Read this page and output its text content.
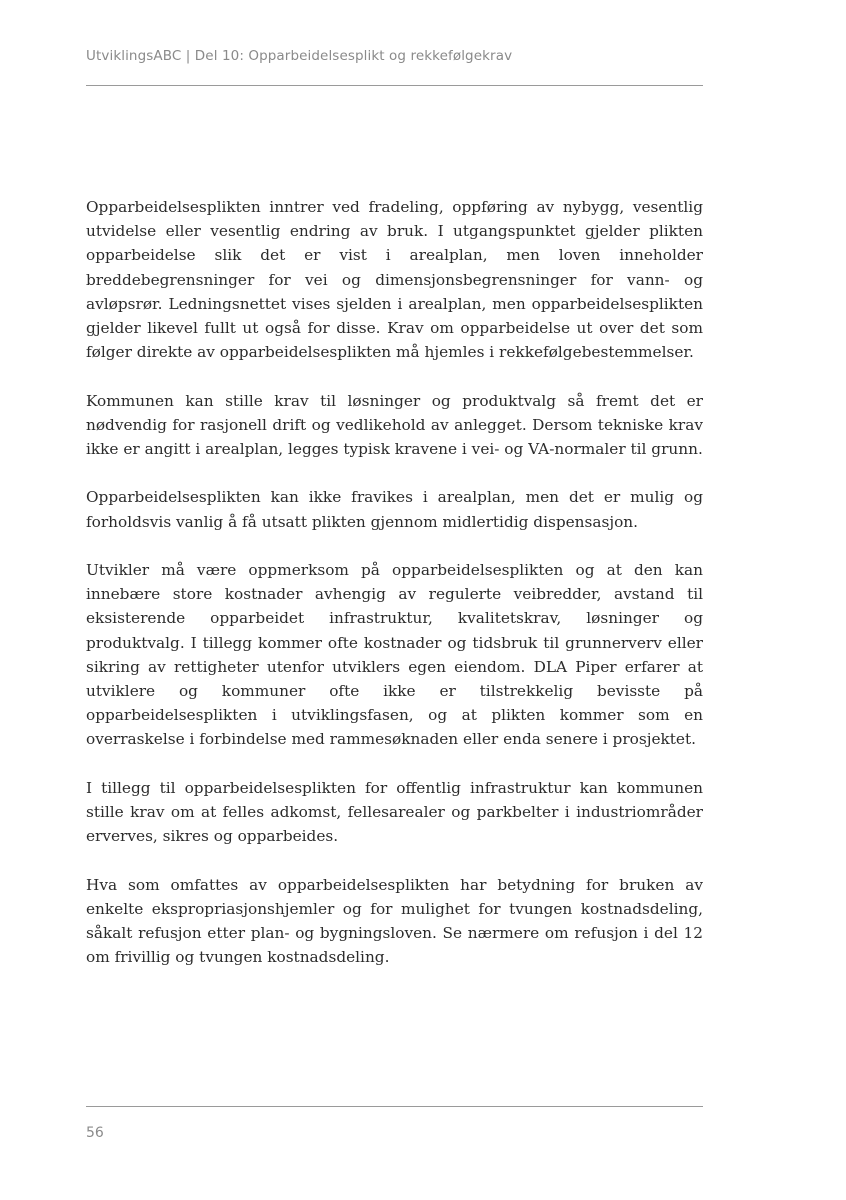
UtviklingsABC | Del 10: Opparbeidelsesplikt og rekkefølgekrav

Opparbeidelsesplikten inntrer ved fradeling, oppføring av nybygg, vesentlig utvidelse eller vesentlig endring av bruk. I utgangspunktet gjelder plikten opparbeidelse slik det er vist i arealplan, men loven inneholder breddebegrensninger for vei og dimensjonsbegrensninger for vann- og avløpsrør. Ledningsnettet vises sjelden i arealplan, men opparbeidelsesplikten gjelder likevel fullt ut også for disse. Krav om opparbeidelse ut over det som følger direkte av opparbeidelsesplikten må hjemles i rekkefølgebestemmelser.

Kommunen kan stille krav til løsninger og produktvalg så fremt det er nødvendig for rasjonell drift og vedlikehold av anlegget. Dersom tekniske krav ikke er angitt i arealplan, legges typisk kravene i vei- og VA-normaler til grunn.

Opparbeidelsesplikten kan ikke fravikes i arealplan, men det er mulig og forholdsvis vanlig å få utsatt plikten gjennom midlertidig dispensasjon.

Utvikler må være oppmerksom på opparbeidelsesplikten og at den kan innebære store kostnader avhengig av regulerte veibredder, avstand til eksisterende opparbeidet infrastruktur, kvalitetskrav, løsninger og produktvalg. I tillegg kommer ofte kostnader og tidsbruk til grunnerverv eller sikring av rettigheter utenfor utviklers egen eiendom. DLA Piper erfarer at utviklere og kommuner ofte ikke er tilstrekkelig bevisste på opparbeidelsesplikten i utviklingsfasen, og at plikten kommer som en overraskelse i forbindelse med rammesøknaden eller enda senere i prosjektet.

I tillegg til opparbeidelsesplikten for offentlig infrastruktur kan kommunen stille krav om at felles adkomst, fellesarealer og parkbelter i industriområder erverves, sikres og opparbeides.

Hva som omfattes av opparbeidelsesplikten har betydning for bruken av enkelte ekspropriasjonshjemler og for mulighet for tvungen kostnadsdeling, såkalt refusjon etter plan- og bygningsloven. Se nærmere om refusjon i del 12 om frivillig og tvungen kostnadsdeling.

56
